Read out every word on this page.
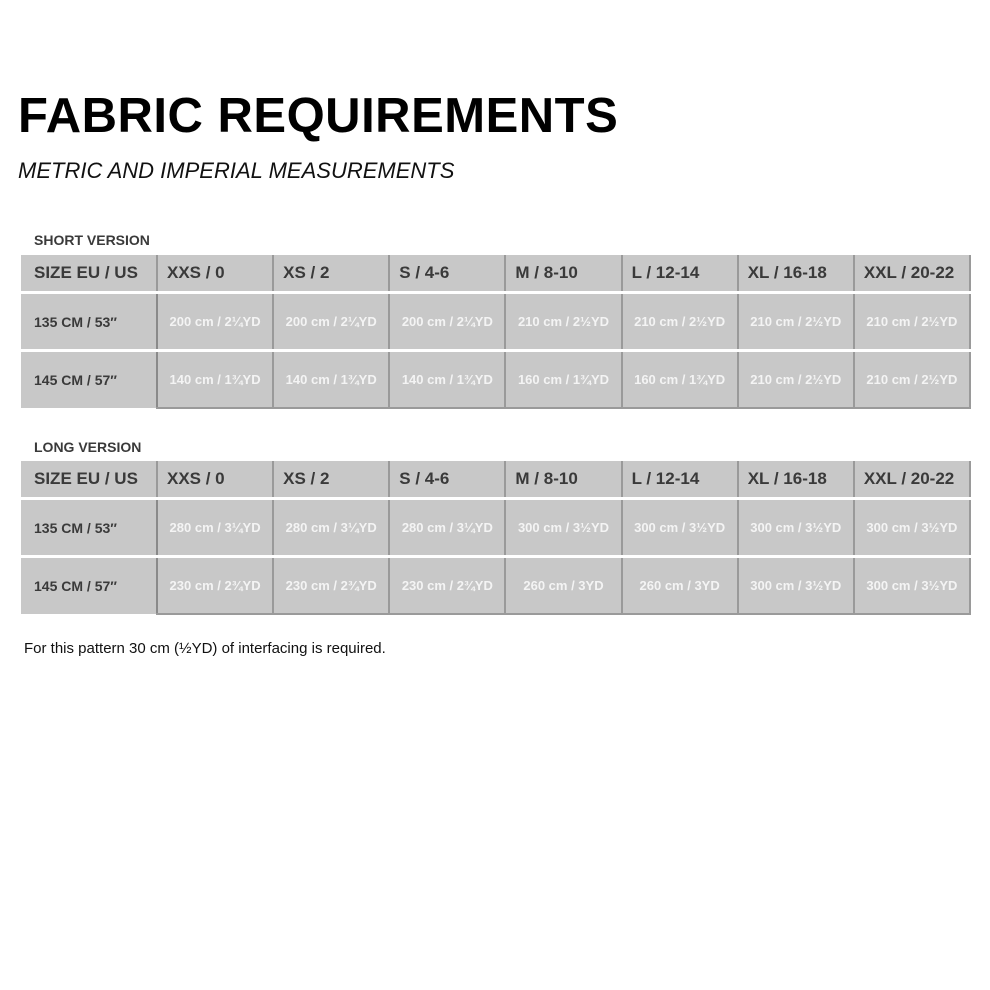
FABRIC REQUIREMENTS
METRIC AND IMPERIAL MEASUREMENTS
SHORT VERSION
SIZE EU / US	XXS / 0	XS / 2	S / 4-6	M / 8-10	L / 12-14	XL / 16-18	XXL / 20-22
135 CM / 53″	200 cm / 2¼YD	200 cm / 2¼YD	200 cm / 2¼YD	210 cm / 2½YD	210 cm / 2½YD	210 cm / 2½YD	210 cm / 2½YD
145 CM / 57″	140 cm / 1¾YD	140 cm / 1¾YD	140 cm / 1¾YD	160 cm / 1¾YD	160 cm / 1¾YD	210 cm / 2½YD	210 cm / 2½YD
LONG VERSION
SIZE EU / US	XXS / 0	XS / 2	S / 4-6	M / 8-10	L / 12-14	XL / 16-18	XXL / 20-22
135 CM / 53″	280 cm / 3¼YD	280 cm / 3¼YD	280 cm / 3¼YD	300 cm / 3½YD	300 cm / 3½YD	300 cm / 3½YD	300 cm / 3½YD
145 CM / 57″	230 cm / 2¾YD	230 cm / 2¾YD	230 cm / 2¾YD	260 cm / 3YD	260 cm / 3YD	300 cm / 3½YD	300 cm / 3½YD
For this pattern 30 cm (½YD) of interfacing is required.
